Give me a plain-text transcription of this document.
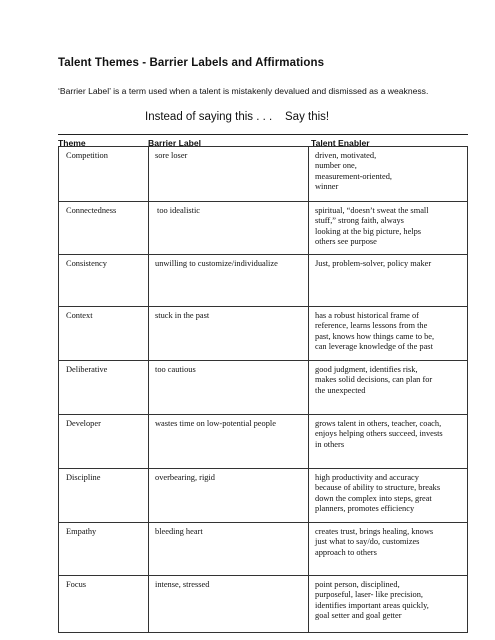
Talent Themes - Barrier Labels and Affirmations
‘Barrier Label’ is a term used when a talent is mistakenly devalued and dismissed as a weakness.
Instead of saying this . . . Say this!
Theme	Barrier Label	Talent Enabler
Competition	sore loser	driven, motivated,
number one,
measurement-oriented,
winner
Connectedness	too idealistic	spiritual, “doesn’t sweat the small
stuff,” strong faith, always
looking at the big picture, helps
others see purpose
Consistency	unwilling to customize/individualize	Just, problem-solver, policy maker
Context	stuck in the past	has a robust historical frame of
reference, learns lessons from the
past, knows how things came to be,
can leverage knowledge of the past
Deliberative	too cautious	good judgment, identifies risk,
makes solid decisions, can plan for
the unexpected
Developer	wastes time on low-potential people	grows talent in others, teacher, coach,
enjoys helping others succeed, invests
in others
Discipline	overbearing, rigid	high productivity and accuracy
because of ability to structure, breaks
down the complex into steps, great
planners, promotes efficiency
Empathy	bleeding heart	creates trust, brings healing, knows
just what to say/do, customizes
approach to others
Focus	intense, stressed	point person, disciplined,
purposeful, laser- like precision,
identifies important areas quickly,
goal setter and goal getter
